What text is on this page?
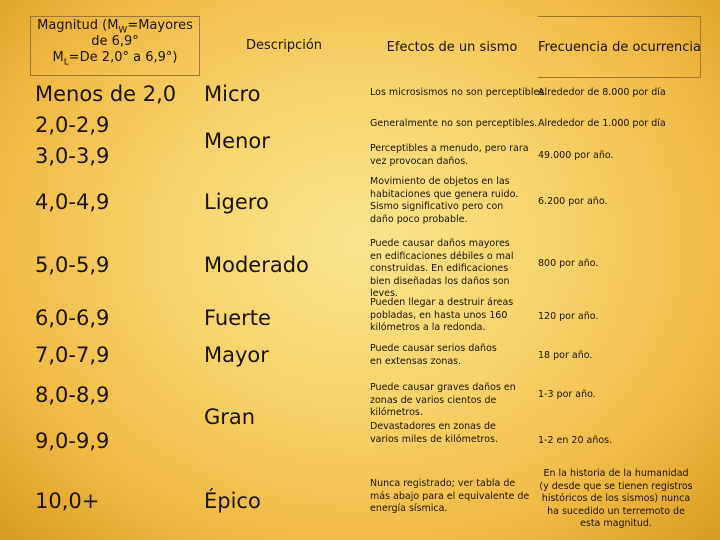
Magnitud ($M_W=Mayores$
de 6,9°
$M_L=De$ 2,0° a 6,9°)
Descripción	Efectos de un sismo	Frecuencia de ocurrencia
Menos de 2,0
2,0-2,9
3,0-3,9
4,0-4,9
5,0-5,9
6,0-6,9
7,0-7,9
8,0-8,9
9,0-9,9
10,0+
Micro
Menor
Ligero
Moderado
Fuerte
Mayor
Gran
Épico
Los microsismos no son perceptibles.
Generalmente no son perceptibles.
Perceptibles a menudo, pero rara vez provocan daños.
Movimiento de objetos en las habitaciones que genera ruido. Sismo significativo pero con daño poco probable.
Puede causar daños mayores en edificaciones débiles o mal construidas. En edificaciones bien diseñadas los daños son leves.
Pueden llegar a destruir áreas pobladas, en hasta unos 160 kilómetros a la redonda.
Puede causar serios daños en extensas zonas.
Puede causar graves daños en zonas de varios cientos de kilómetros.
Devastadores en zonas de varios miles de kilómetros.
Nunca registrado; ver tabla de más abajo para el equivalente de energía sísmica.
Alrededor de 8.000 por día
Alrededor de 1.000 por día
49.000 por año.
6.200 por año.
800 por año.
120 por año.
18 por año.
1-3 por año.
1-2 en 20 años.
En la historia de la humanidad (y desde que se tienen registros históricos de los sismos) nunca ha sucedido un terremoto de esta magnitud.
